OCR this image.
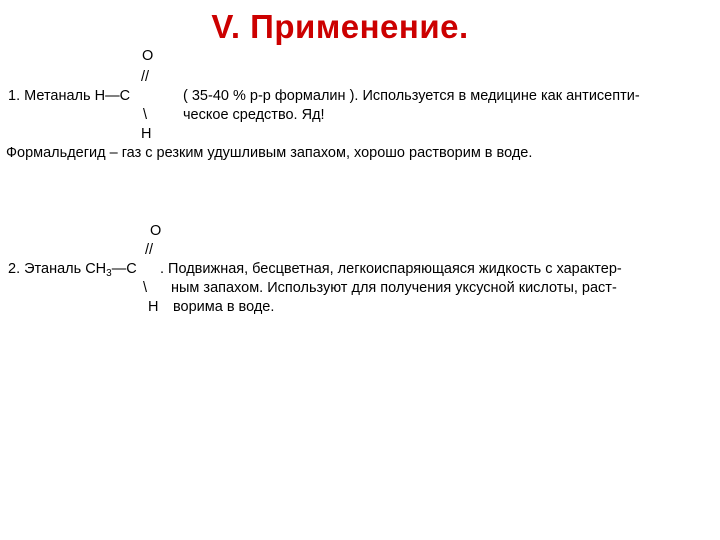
V. Применение.
O
//
1. Метаналь H—C	( 35-40 % р-р формалин ). Используется в медицине как антисепти-
\ ческое средство. Яд!
H
Формальдегид – газ с резким удушливым запахом, хорошо растворим в воде.
O
//
2. Этаналь $CH_3—C$ . Подвижная, бесцветная, легкоиспаряющаяся жидкость с характер-
\ ным запахом. Используют для получения уксусной кислоты, раст-
H ворима в воде.
